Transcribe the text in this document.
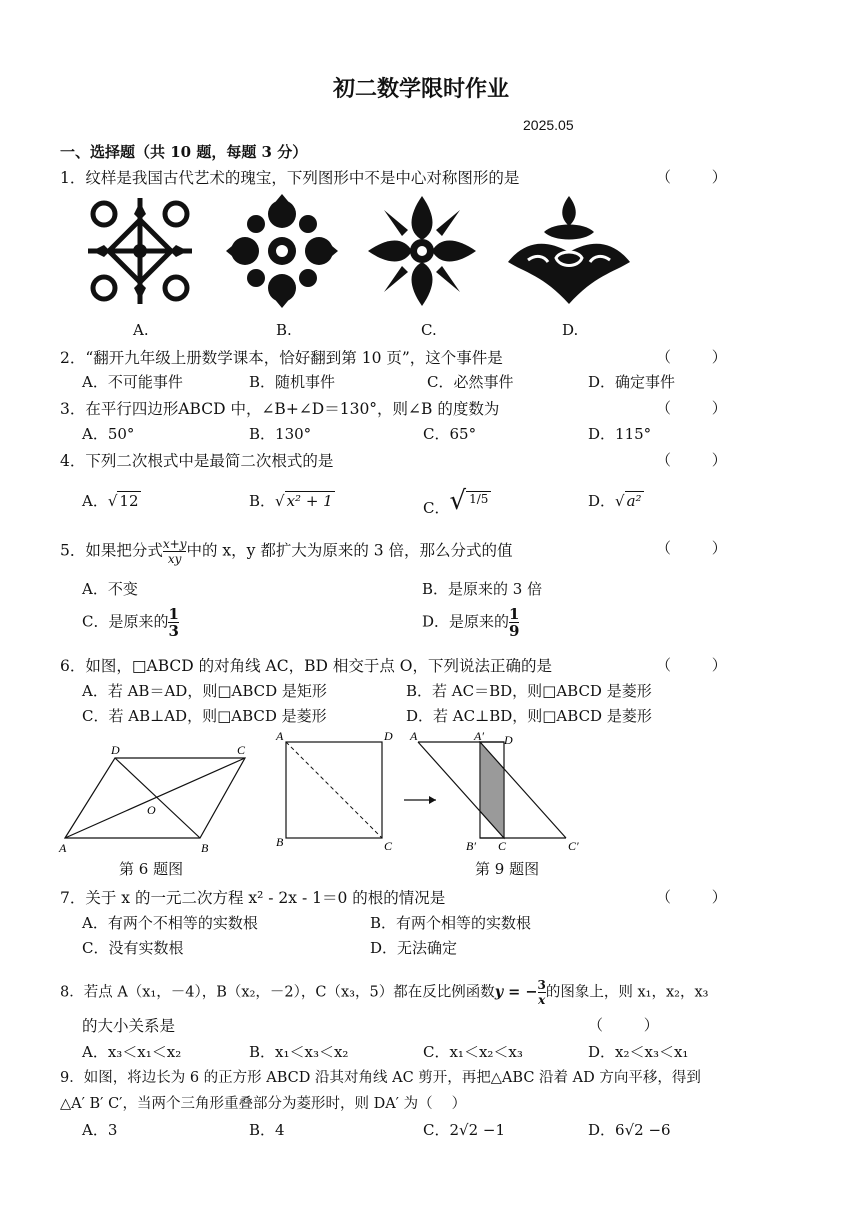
初二数学限时作业
2025.05
一、选择题（共 10 题，每题 3 分）
1．纹样是我国古代艺术的瑰宝，下列图形中不是中心对称图形的是	（ ）
A.	B.	C.	D.
2．“翻开九年级上册数学课本，恰好翻到第 10 页”，这个事件是	（ ）
A．不可能事件	B．随机事件	C．必然事件	D．确定事件
3．在平行四边形ABCD 中，∠B+∠D＝130°，则∠B 的度数为	（ ）
A．50°	B．130°	C．65°	D．115°
4．下列二次根式中是最简二次根式的是	（ ）
A．√ 12	B．√ x² + 1	C．√ 1/5	D．√ a²
5．如果把分式 $\frac{x+y}{xy}$ 中的 x，y 都扩大为原来的 3 倍，那么分式的值	（ ）
A．不变	B．是原来的 3 倍
C．是原来的 $\frac{1}{3}$	D．是原来的 $\frac{1}{9}$
6．如图，□ABCD 的对角线 AC，BD 相交于点 O，下列说法正确的是	（ ）
A．若 AB＝AD，则□ABCD 是矩形	B．若 AC＝BD，则□ABCD 是菱形
C．若 AB⊥AD，则□ABCD 是菱形	D．若 AC⊥BD，则□ABCD 是菱形
D	C
O
A	B
第 6 题图
A	D
B	C
A	A′ D
B′ C	C′
第 9 题图
7．关于 x 的一元二次方程 x² - 2x - 1＝0 的根的情况是	（ ）
A．有两个不相等的实数根	B．有两个相等的实数根
C．没有实数根	D．无法确定
8．若点 A（x₁，－4），B（x₂，－2），C（x₃，5）都在反比例函数y = − $\frac{3}{x}$ 的图象上，则 x₁，x₂，x₃
的大小关系是	（ ）
A．x₃＜x₁＜x₂	B．x₁＜x₃＜x₂	C．x₁＜x₂＜x₃	D．x₂＜x₃＜x₁
9．如图，将边长为 6 的正方形 ABCD 沿其对角线 AC 剪开，再把△ABC 沿着 AD 方向平移，得到
△A′ B′ C′，当两个三角形重叠部分为菱形时，则 DA′ 为（　 ）
A．3	B．4	C．2√2 −1	D．6√2 −6
